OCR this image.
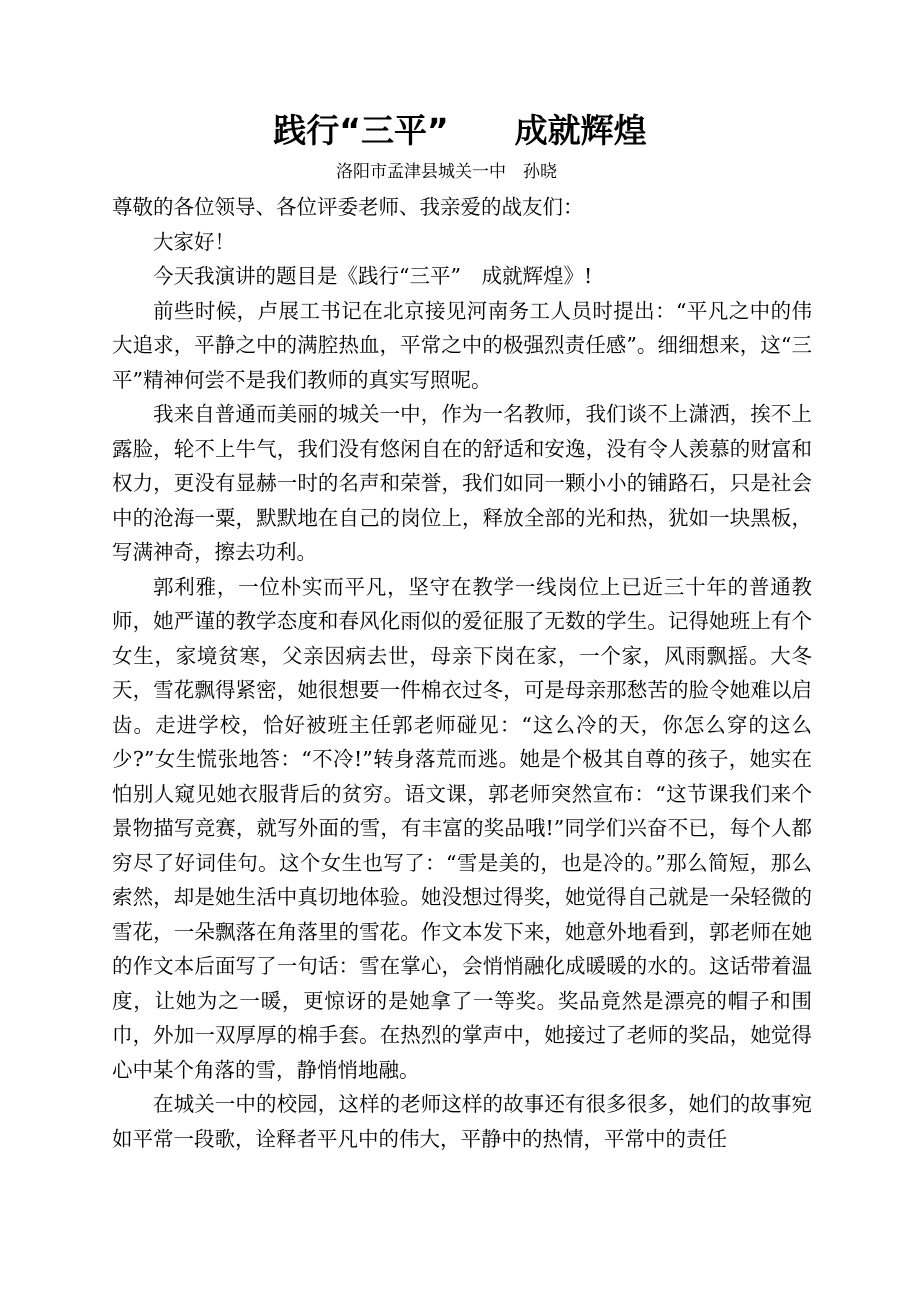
践行“三平”　　成就辉煌
洛阳市孟津县城关一中　孙晓

尊敬的各位领导、各位评委老师、我亲爱的战友们：

大家好！

今天我演讲的题目是《践行“三平”　成就辉煌》!

前些时候，卢展工书记在北京接见河南务工人员时提出：“平凡之中的伟大追求，平静之中的满腔热血，平常之中的极强烈责任感”。细细想来，这“三平”精神何尝不是我们教师的真实写照呢。

我来自普通而美丽的城关一中，作为一名教师，我们谈不上潇洒，挨不上露脸，轮不上牛气，我们没有悠闲自在的舒适和安逸，没有令人羡慕的财富和权力，更没有显赫一时的名声和荣誉，我们如同一颗小小的铺路石，只是社会中的沧海一粟，默默地在自己的岗位上，释放全部的光和热，犹如一块黑板，写满神奇，擦去功利。

郭利雅，一位朴实而平凡，坚守在教学一线岗位上已近三十年的普通教师，她严谨的教学态度和春风化雨似的爱征服了无数的学生。记得她班上有个女生，家境贫寒，父亲因病去世，母亲下岗在家，一个家，风雨飘摇。大冬天，雪花飘得紧密，她很想要一件棉衣过冬，可是母亲那愁苦的脸令她难以启齿。走进学校，恰好被班主任郭老师碰见：“这么冷的天，你怎么穿的这么少?”女生慌张地答：“不冷!”转身落荒而逃。她是个极其自尊的孩子，她实在怕别人窥见她衣服背后的贫穷。语文课，郭老师突然宣布：“这节课我们来个景物描写竞赛，就写外面的雪，有丰富的奖品哦!”同学们兴奋不已，每个人都穷尽了好词佳句。这个女生也写了：“雪是美的，也是冷的。”那么简短，那么索然，却是她生活中真切地体验。她没想过得奖，她觉得自己就是一朵轻微的雪花，一朵飘落在角落里的雪花。作文本发下来，她意外地看到，郭老师在她的作文本后面写了一句话：雪在掌心，会悄悄融化成暖暖的水的。这话带着温度，让她为之一暖，更惊讶的是她拿了一等奖。奖品竟然是漂亮的帽子和围巾，外加一双厚厚的棉手套。在热烈的掌声中，她接过了老师的奖品，她觉得心中某个角落的雪，静悄悄地融。

在城关一中的校园，这样的老师这样的故事还有很多很多，她们的故事宛如平常一段歌，诠释者平凡中的伟大，平静中的热情，平常中的责任
